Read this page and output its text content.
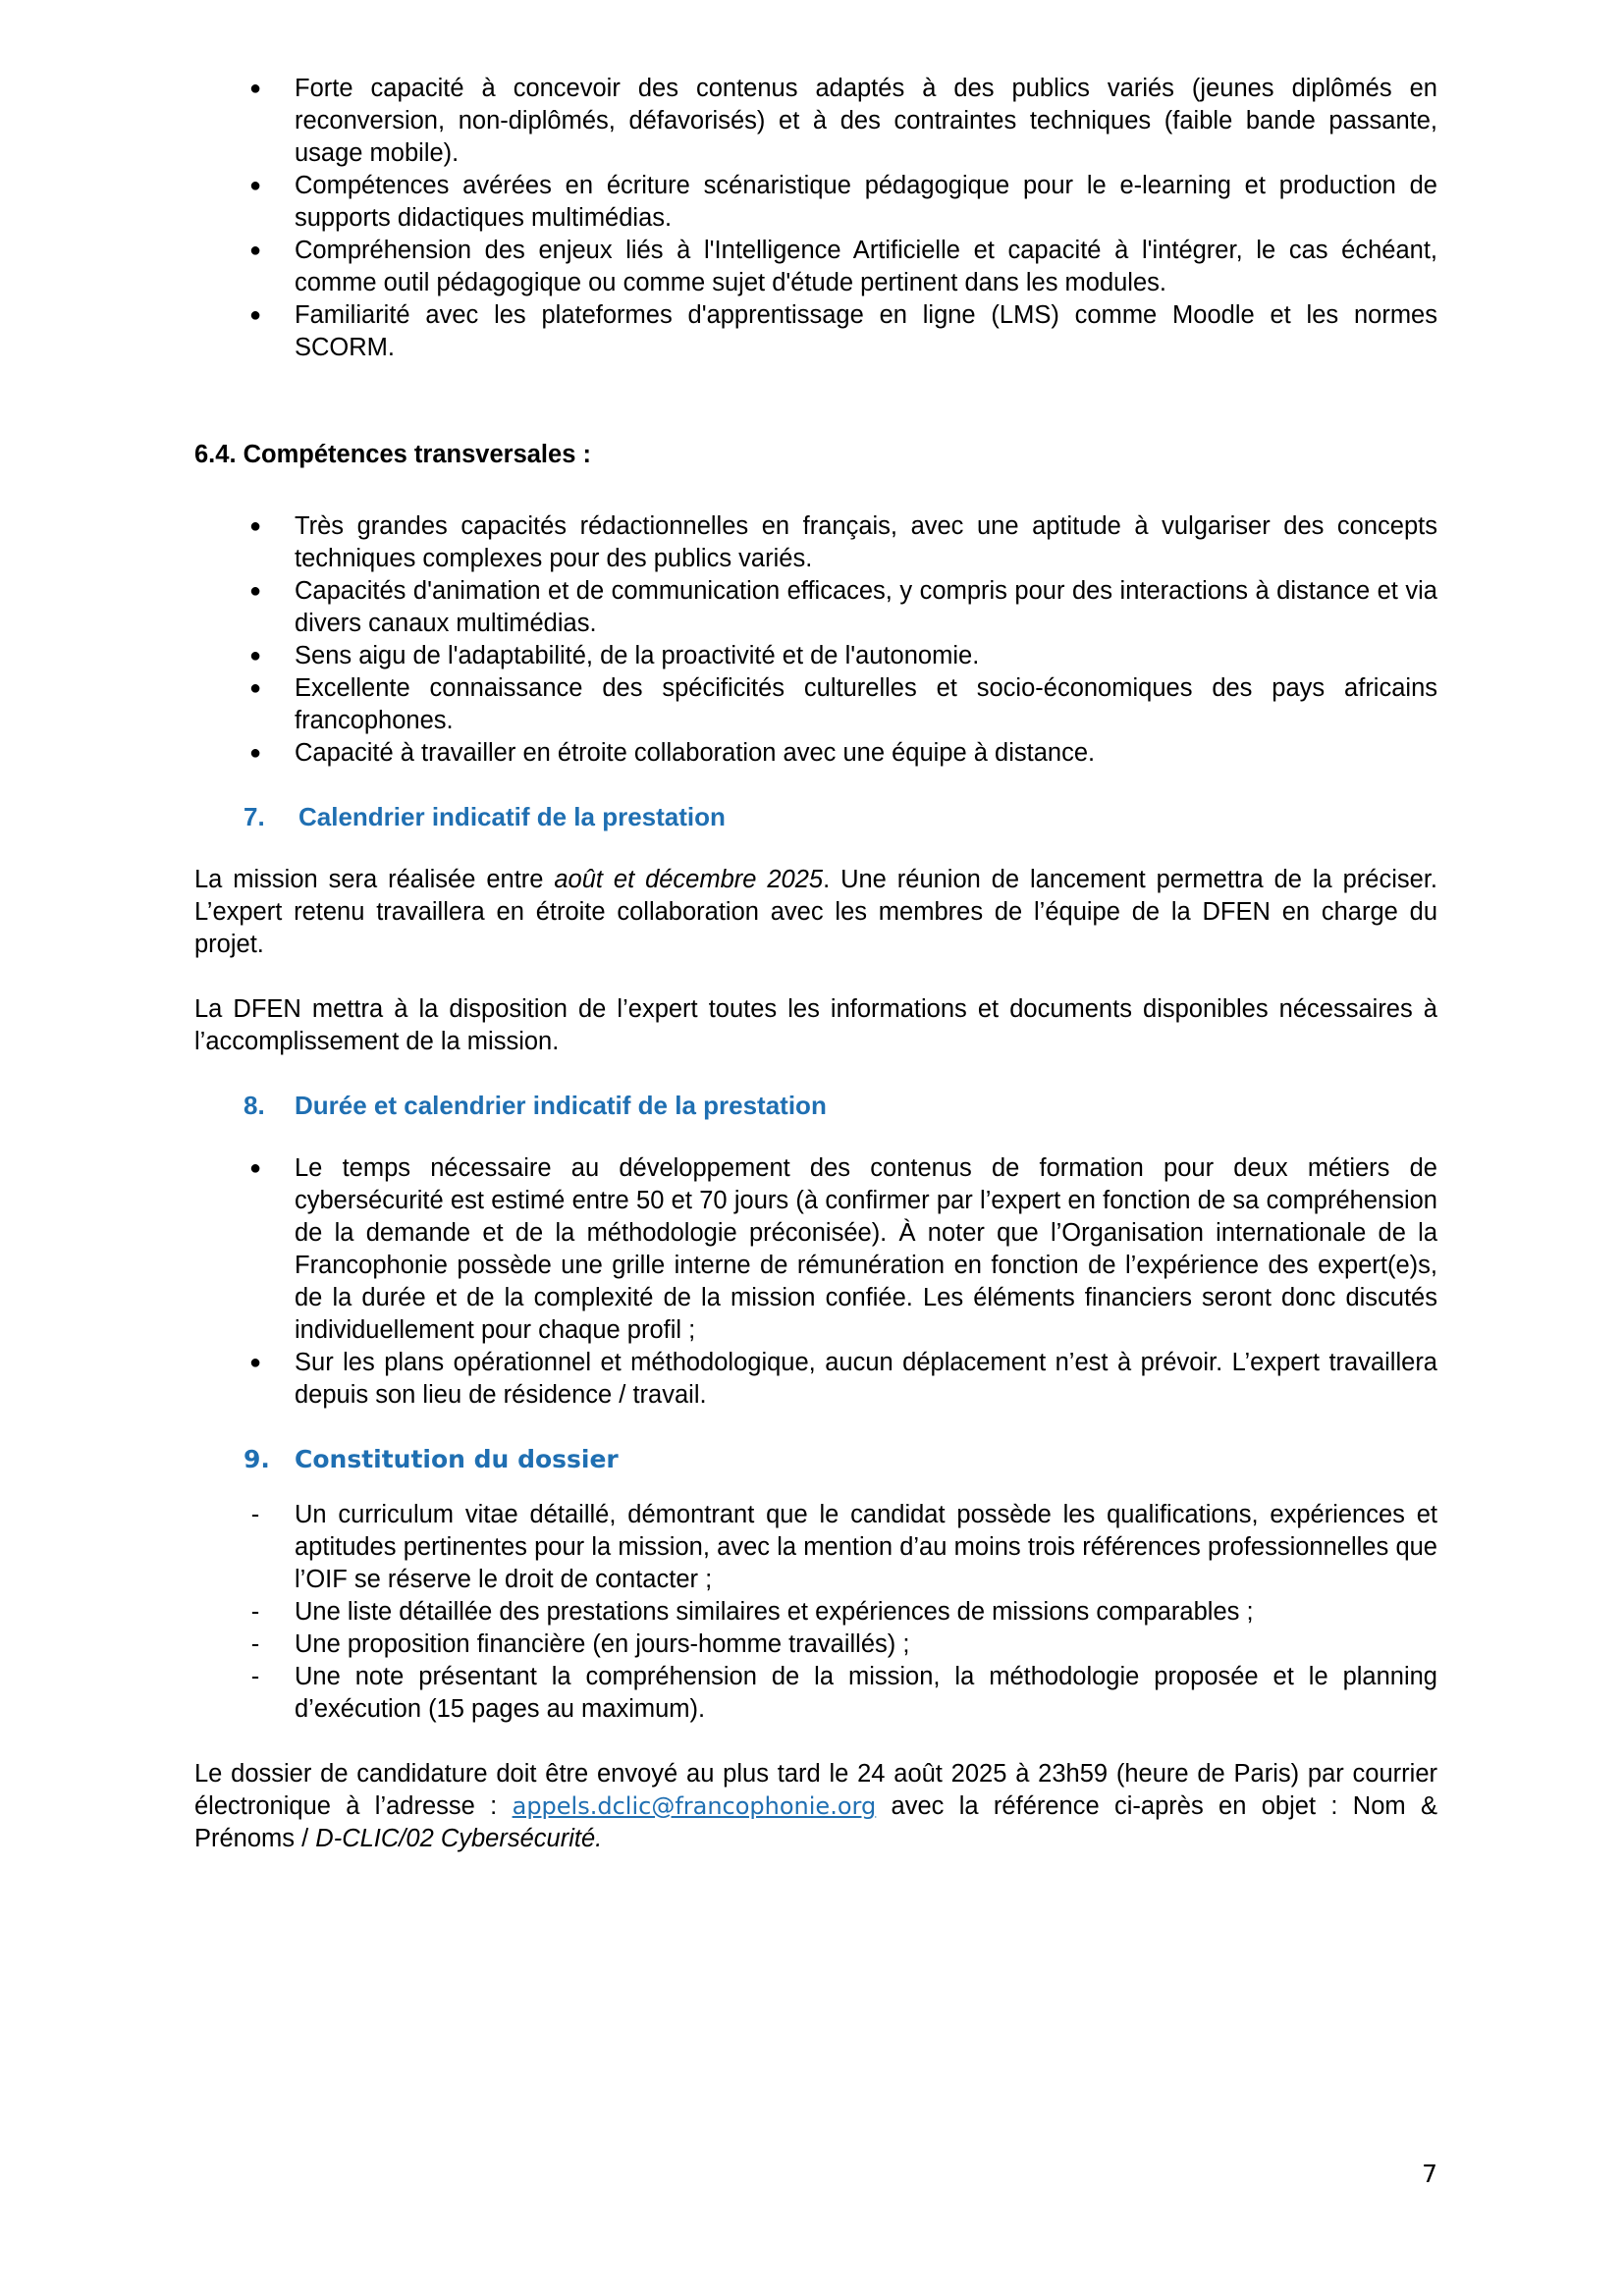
● Forte capacité à concevoir des contenus adaptés à des publics variés (jeunes diplômés en reconversion, non-diplômés, défavorisés) et à des contraintes techniques (faible bande passante, usage mobile).
● Compétences avérées en écriture scénaristique pédagogique pour le e-learning et production de supports didactiques multimédias.
● Compréhension des enjeux liés à l'Intelligence Artificielle et capacité à l'intégrer, le cas échéant, comme outil pédagogique ou comme sujet d'étude pertinent dans les modules.
● Familiarité avec les plateformes d'apprentissage en ligne (LMS) comme Moodle et les normes SCORM.

6.4. Compétences transversales :

● Très grandes capacités rédactionnelles en français, avec une aptitude à vulgariser des concepts techniques complexes pour des publics variés.
● Capacités d'animation et de communication efficaces, y compris pour des interactions à distance et via divers canaux multimédias.
● Sens aigu de l'adaptabilité, de la proactivité et de l'autonomie.
● Excellente connaissance des spécificités culturelles et socio-économiques des pays africains francophones.
● Capacité à travailler en étroite collaboration avec une équipe à distance.
7. Calendrier indicatif de la prestation

La mission sera réalisée entre août et décembre 2025. Une réunion de lancement permettra de la préciser. L’expert retenu travaillera en étroite collaboration avec les membres de l’équipe de la DFEN en charge du projet.

La DFEN mettra à la disposition de l’expert toutes les informations et documents disponibles nécessaires à l’accomplissement de la mission.

8. Durée et calendrier indicatif de la prestation
● Le temps nécessaire au développement des contenus de formation pour deux métiers de cybersécurité est estimé entre 50 et 70 jours (à confirmer par l’expert en fonction de sa compréhension de la demande et de la méthodologie préconisée). À noter que l’Organisation internationale de la Francophonie possède une grille interne de rémunération en fonction de l’expérience des expert(e)s, de la durée et de la complexité de la mission confiée. Les éléments financiers seront donc discutés individuellement pour chaque profil ;
● Sur les plans opérationnel et méthodologique, aucun déplacement n’est à prévoir. L’expert travaillera depuis son lieu de résidence / travail.
9. Constitution du dossier
- Un curriculum vitae détaillé, démontrant que le candidat possède les qualifications, expériences et aptitudes pertinentes pour la mission, avec la mention d’au moins trois références professionnelles que l’OIF se réserve le droit de contacter ;
- Une liste détaillée des prestations similaires et expériences de missions comparables ;
- Une proposition financière (en jours-homme travaillés) ;
- Une note présentant la compréhension de la mission, la méthodologie proposée et le planning d’exécution (15 pages au maximum).

Le dossier de candidature doit être envoyé au plus tard le 24 août 2025 à 23h59 (heure de Paris) par courrier électronique à l’adresse : appels.dclic@francophonie.org avec la référence ci-après en objet : Nom & Prénoms / D-CLIC/02 Cybersécurité.

7
